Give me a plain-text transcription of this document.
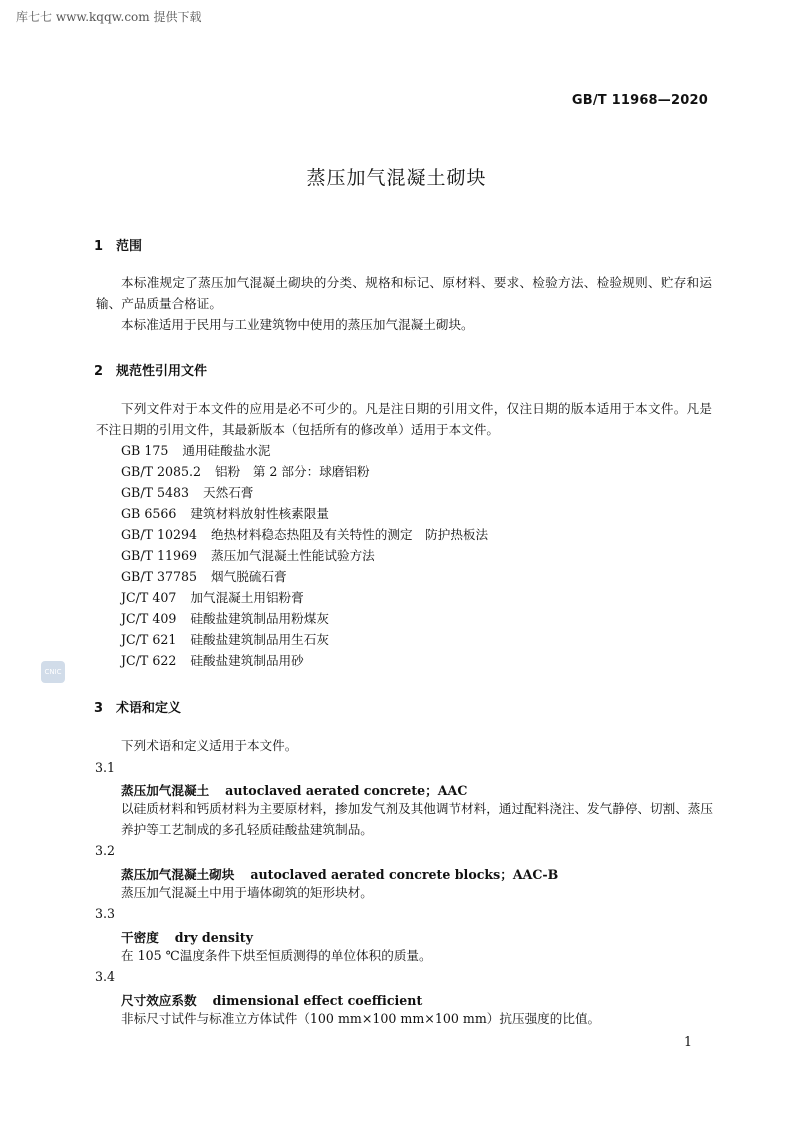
库七七 www.kqqw.com 提供下载
GB/T 11968—2020
蒸压加气混凝土砌块
1 范围
本标准规定了蒸压加气混凝土砌块的分类、规格和标记、原材料、要求、检验方法、检验规则、贮存和运输、产品质量合格证。
本标准适用于民用与工业建筑物中使用的蒸压加气混凝土砌块。
2 规范性引用文件
下列文件对于本文件的应用是必不可少的。凡是注日期的引用文件，仅注日期的版本适用于本文件。凡是不注日期的引用文件，其最新版本（包括所有的修改单）适用于本文件。
GB 175 通用硅酸盐水泥
GB/T 2085.2 铝粉　第 2 部分：球磨铝粉
GB/T 5483 天然石膏
GB 6566 建筑材料放射性核素限量
GB/T 10294 绝热材料稳态热阻及有关特性的测定　防护热板法
GB/T 11969 蒸压加气混凝土性能试验方法
GB/T 37785 烟气脱硫石膏
JC/T 407 加气混凝土用铝粉膏
JC/T 409 硅酸盐建筑制品用粉煤灰
JC/T 621 硅酸盐建筑制品用生石灰
JC/T 622 硅酸盐建筑制品用砂
CNIC
3 术语和定义
下列术语和定义适用于本文件。
3.1
蒸压加气混凝土 autoclaved aerated concrete；AAC
以硅质材料和钙质材料为主要原材料，掺加发气剂及其他调节材料，通过配料浇注、发气静停、切割、蒸压养护等工艺制成的多孔轻质硅酸盐建筑制品。
3.2
蒸压加气混凝土砌块 autoclaved aerated concrete blocks；AAC-B
蒸压加气混凝土中用于墙体砌筑的矩形块材。
3.3
干密度 dry density
在 105 ℃温度条件下烘至恒质测得的单位体积的质量。
3.4
尺寸效应系数 dimensional effect coefficient
非标尺寸试件与标准立方体试件（100 mm×100 mm×100 mm）抗压强度的比值。
1
